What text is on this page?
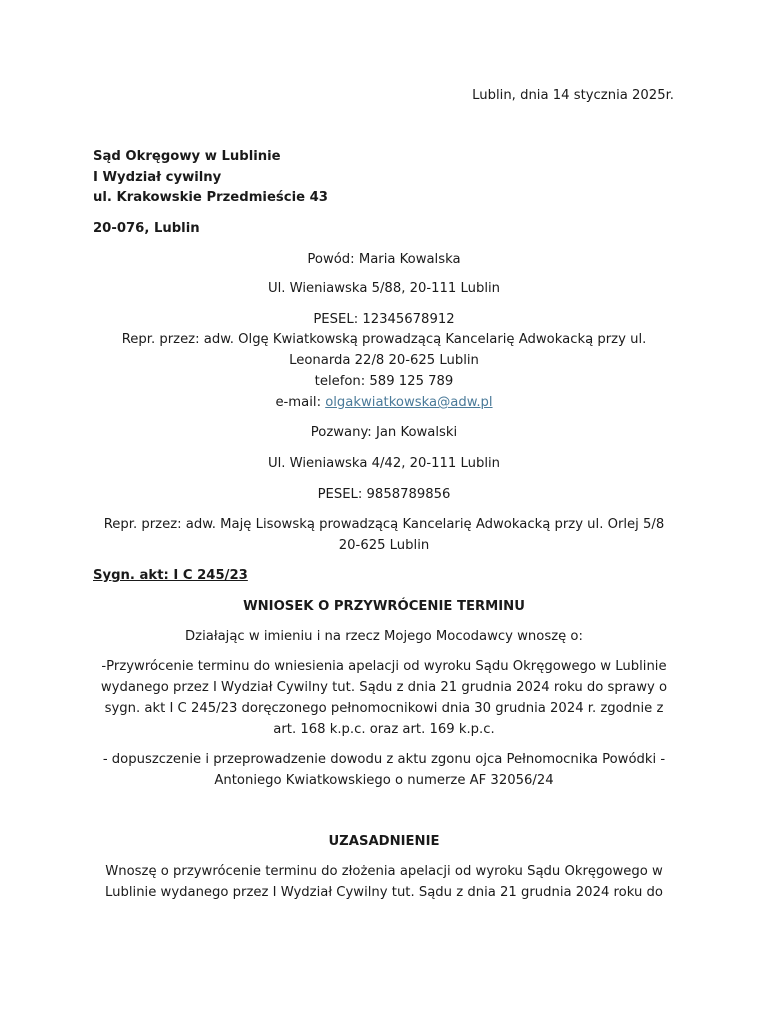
Lublin, dnia 14 stycznia 2025r.
Sąd Okręgowy w Lublinie
I Wydział cywilny
ul. Krakowskie Przedmieście 43
20-076, Lublin
Powód: Maria Kowalska
Ul. Wieniawska 5/88, 20-111 Lublin
PESEL: 12345678912
Repr. przez: adw. Olgę Kwiatkowską prowadzącą Kancelarię Adwokacką przy ul.
Leonarda 22/8 20-625 Lublin
telefon: 589 125 789
e-mail: olgakwiatkowska@adw.pl
Pozwany: Jan Kowalski
Ul. Wieniawska 4/42, 20-111 Lublin
PESEL: 9858789856
Repr. przez: adw. Maję Lisowską prowadzącą Kancelarię Adwokacką przy ul. Orlej 5/8
20-625 Lublin
Sygn. akt: I C 245/23
WNIOSEK O PRZYWRÓCENIE TERMINU
Działając w imieniu i na rzecz Mojego Mocodawcy wnoszę o:
-Przywrócenie terminu do wniesienia apelacji od wyroku Sądu Okręgowego w Lublinie
wydanego przez I Wydział Cywilny tut. Sądu z dnia 21 grudnia 2024 roku do sprawy o
sygn. akt I C 245/23 doręczonego pełnomocnikowi dnia 30 grudnia 2024 r. zgodnie z
art. 168 k.p.c. oraz art. 169 k.p.c.
- dopuszczenie i przeprowadzenie dowodu z aktu zgonu ojca Pełnomocnika Powódki -
Antoniego Kwiatkowskiego o numerze AF 32056/24
UZASADNIENIE
Wnoszę o przywrócenie terminu do złożenia apelacji od wyroku Sądu Okręgowego w
Lublinie wydanego przez I Wydział Cywilny tut. Sądu z dnia 21 grudnia 2024 roku do
